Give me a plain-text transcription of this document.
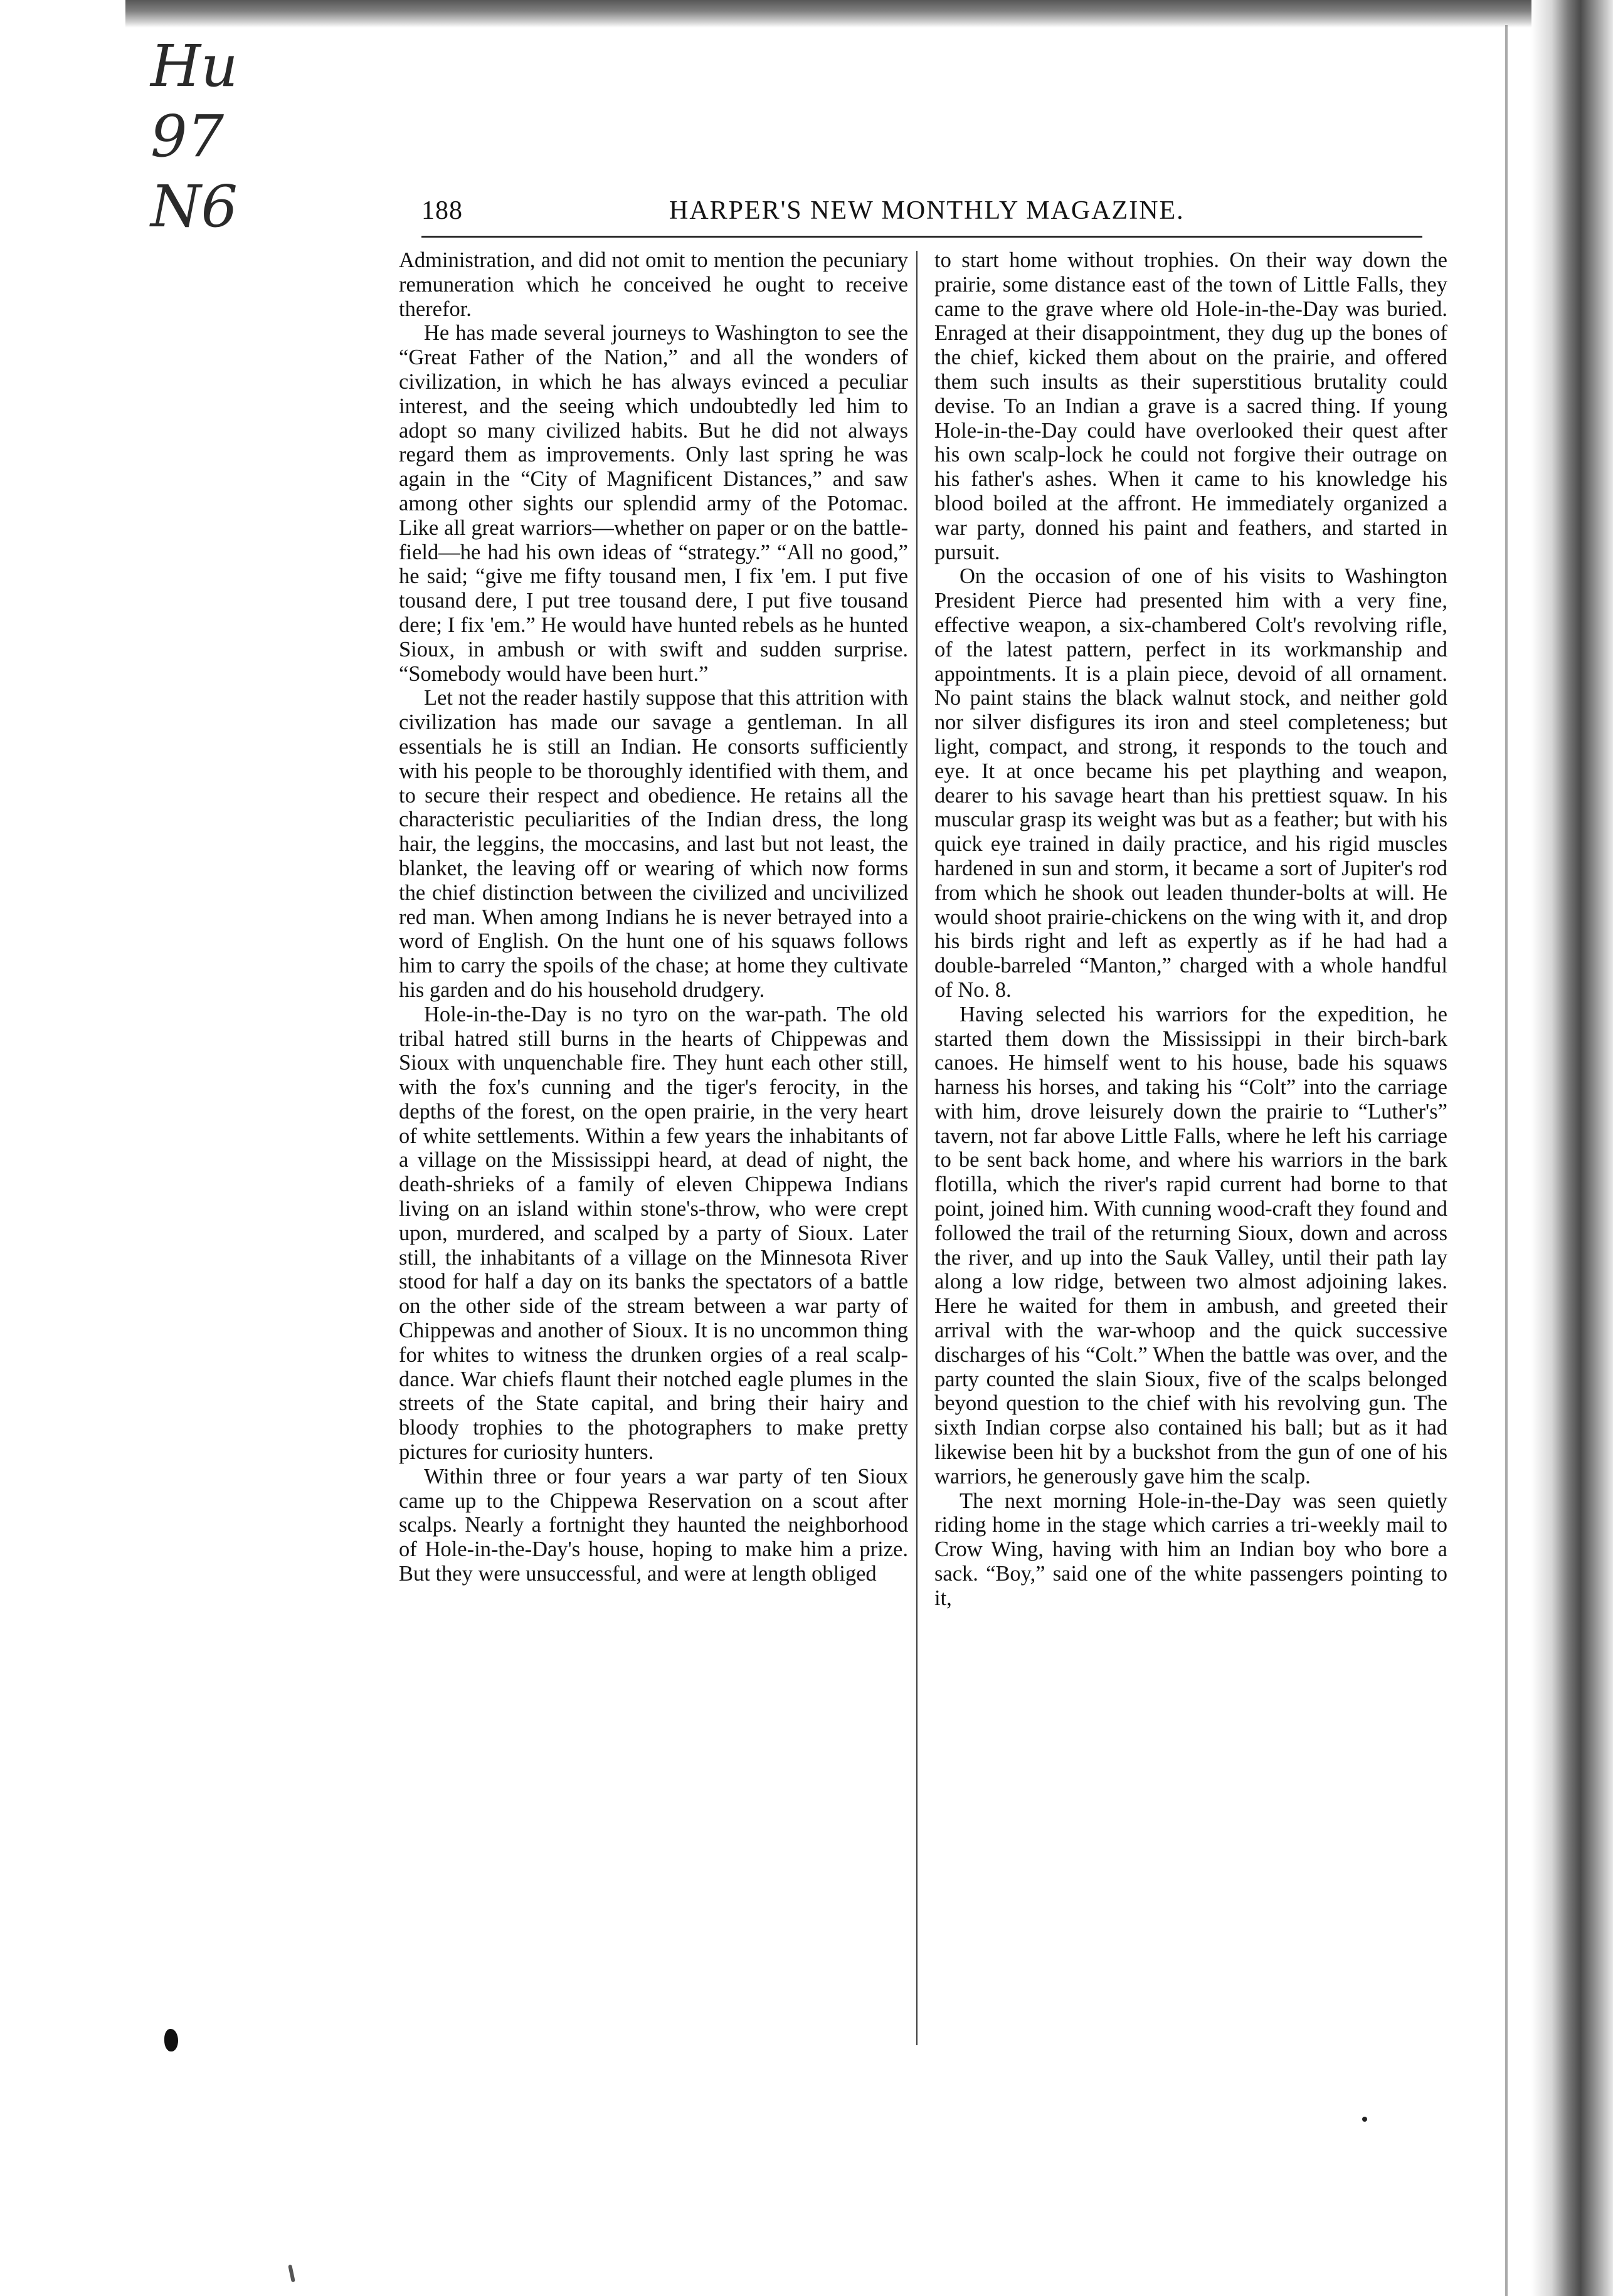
Hu
97
N6	188	HARPER'S NEW MONTHLY MAGAZINE.

Administration, and did not omit to mention the pecuniary remuneration which he conceived he ought to receive therefor.

He has made several journeys to Washington to see the “Great Father of the Nation,” and all the wonders of civilization, in which he has always evinced a peculiar interest, and the seeing which undoubtedly led him to adopt so many civilized habits. But he did not always regard them as improvements. Only last spring he was again in the “City of Magnificent Distances,” and saw among other sights our splendid army of the Potomac. Like all great warriors—whether on paper or on the battle-field—he had his own ideas of “strategy.” “All no good,” he said; “give me fifty tousand men, I fix 'em. I put five tousand dere, I put tree tousand dere, I put five tousand dere; I fix 'em.” He would have hunted rebels as he hunted Sioux, in ambush or with swift and sudden surprise. “Somebody would have been hurt.”

Let not the reader hastily suppose that this attrition with civilization has made our savage a gentleman. In all essentials he is still an Indian. He consorts sufficiently with his people to be thoroughly identified with them, and to secure their respect and obedience. He retains all the characteristic peculiarities of the Indian dress, the long hair, the leggins, the moccasins, and last but not least, the blanket, the leaving off or wearing of which now forms the chief distinction between the civilized and uncivilized red man. When among Indians he is never betrayed into a word of English. On the hunt one of his squaws follows him to carry the spoils of the chase; at home they cultivate his garden and do his household drudgery.

Hole-in-the-Day is no tyro on the war-path. The old tribal hatred still burns in the hearts of Chippewas and Sioux with unquenchable fire. They hunt each other still, with the fox's cunning and the tiger's ferocity, in the depths of the forest, on the open prairie, in the very heart of white settlements. Within a few years the inhabitants of a village on the Mississippi heard, at dead of night, the death-shrieks of a family of eleven Chippewa Indians living on an island within stone's-throw, who were crept upon, murdered, and scalped by a party of Sioux. Later still, the inhabitants of a village on the Minnesota River stood for half a day on its banks the spectators of a battle on the other side of the stream between a war party of Chippewas and another of Sioux. It is no uncommon thing for whites to witness the drunken orgies of a real scalp-dance. War chiefs flaunt their notched eagle plumes in the streets of the State capital, and bring their hairy and bloody trophies to the photographers to make pretty pictures for curiosity hunters.

Within three or four years a war party of ten Sioux came up to the Chippewa Reservation on a scout after scalps. Nearly a fortnight they haunted the neighborhood of Hole-in-the-Day's house, hoping to make him a prize. But they were unsuccessful, and were at length obliged

to start home without trophies. On their way down the prairie, some distance east of the town of Little Falls, they came to the grave where old Hole-in-the-Day was buried. Enraged at their disappointment, they dug up the bones of the chief, kicked them about on the prairie, and offered them such insults as their superstitious brutality could devise. To an Indian a grave is a sacred thing. If young Hole-in-the-Day could have overlooked their quest after his own scalp-lock he could not forgive their outrage on his father's ashes. When it came to his knowledge his blood boiled at the affront. He immediately organized a war party, donned his paint and feathers, and started in pursuit.

On the occasion of one of his visits to Washington President Pierce had presented him with a very fine, effective weapon, a six-chambered Colt's revolving rifle, of the latest pattern, perfect in its workmanship and appointments. It is a plain piece, devoid of all ornament. No paint stains the black walnut stock, and neither gold nor silver disfigures its iron and steel completeness; but light, compact, and strong, it responds to the touch and eye. It at once became his pet plaything and weapon, dearer to his savage heart than his prettiest squaw. In his muscular grasp its weight was but as a feather; but with his quick eye trained in daily practice, and his rigid muscles hardened in sun and storm, it became a sort of Jupiter's rod from which he shook out leaden thunder-bolts at will. He would shoot prairie-chickens on the wing with it, and drop his birds right and left as expertly as if he had had a double-barreled “Manton,” charged with a whole handful of No. 8.

Having selected his warriors for the expedition, he started them down the Mississippi in their birch-bark canoes. He himself went to his house, bade his squaws harness his horses, and taking his “Colt” into the carriage with him, drove leisurely down the prairie to “Luther's” tavern, not far above Little Falls, where he left his carriage to be sent back home, and where his warriors in the bark flotilla, which the river's rapid current had borne to that point, joined him. With cunning wood-craft they found and followed the trail of the returning Sioux, down and across the river, and up into the Sauk Valley, until their path lay along a low ridge, between two almost adjoining lakes. Here he waited for them in ambush, and greeted their arrival with the war-whoop and the quick successive discharges of his “Colt.” When the battle was over, and the party counted the slain Sioux, five of the scalps belonged beyond question to the chief with his revolving gun. The sixth Indian corpse also contained his ball; but as it had likewise been hit by a buckshot from the gun of one of his warriors, he generously gave him the scalp.

The next morning Hole-in-the-Day was seen quietly riding home in the stage which carries a tri-weekly mail to Crow Wing, having with him an Indian boy who bore a sack. “Boy,” said one of the white passengers pointing to it,
